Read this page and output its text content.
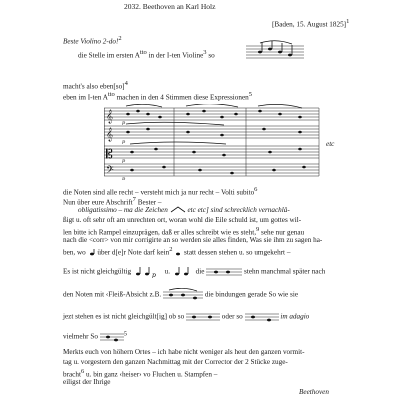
2032. Beethoven an Karl Holz
[Baden, 15. August 1825]$^1$
Beste Violino 2-do!$^2$
die Stelle im ersten $A^{tto}$ in der I-ten Violine$^3$ so
macht's also eben[so]$^4$
eben im I-ten $A^{tto}$ machen in den 4 Stimmen diese Expressionen$^5$
𝄞
𝄞
𝄡
𝄢
p
p
p
p
etc
die Noten sind alle recht – versteht mich ja nur recht – Volti subito$^6$
Nun über eure Abschrift$^7$ Bester –
obligatissimo – ma die Zeichen	etc etc] sind schrecklich vernachlä-
ßigt u. oft sehr oft am unrechten ort, woran wohl die Eile schuld ist, um gottes wil-
len bitte ich Rampel einzuprägen, daß er alles schreibt wie es steht,$^9$ sehe nur genau
nach die <corr> von mir corrigirte an so werden sie alles finden, Was sie ihm zu sagen ha-
ben, wo  über d[e]r Note darf kein$^2$  statt dessen stehen u. so umgekehrt –
Es ist nicht gleichgültig	p u.	die	stehn manchmal später nach
den Noten mit ‹Fleiß-Absicht z.B.	die bindungen gerade So wie sie
jezt stehen es ist nicht gleichgült[ig] ob so	oder so	im adagio
vielmehr So	$^5$
Merkts euch von höhern Ortes – ich habe nicht weniger als heut den ganzen vormit-
tag u. vorgestern den ganzen Nachmittag mit der Corrector der 2 Stücke zuge-
bracht$^6$ u. bin ganz ‹heiser› vo Fluchen u. Stampfen –
eiligst der Ihrige
Beethoven
